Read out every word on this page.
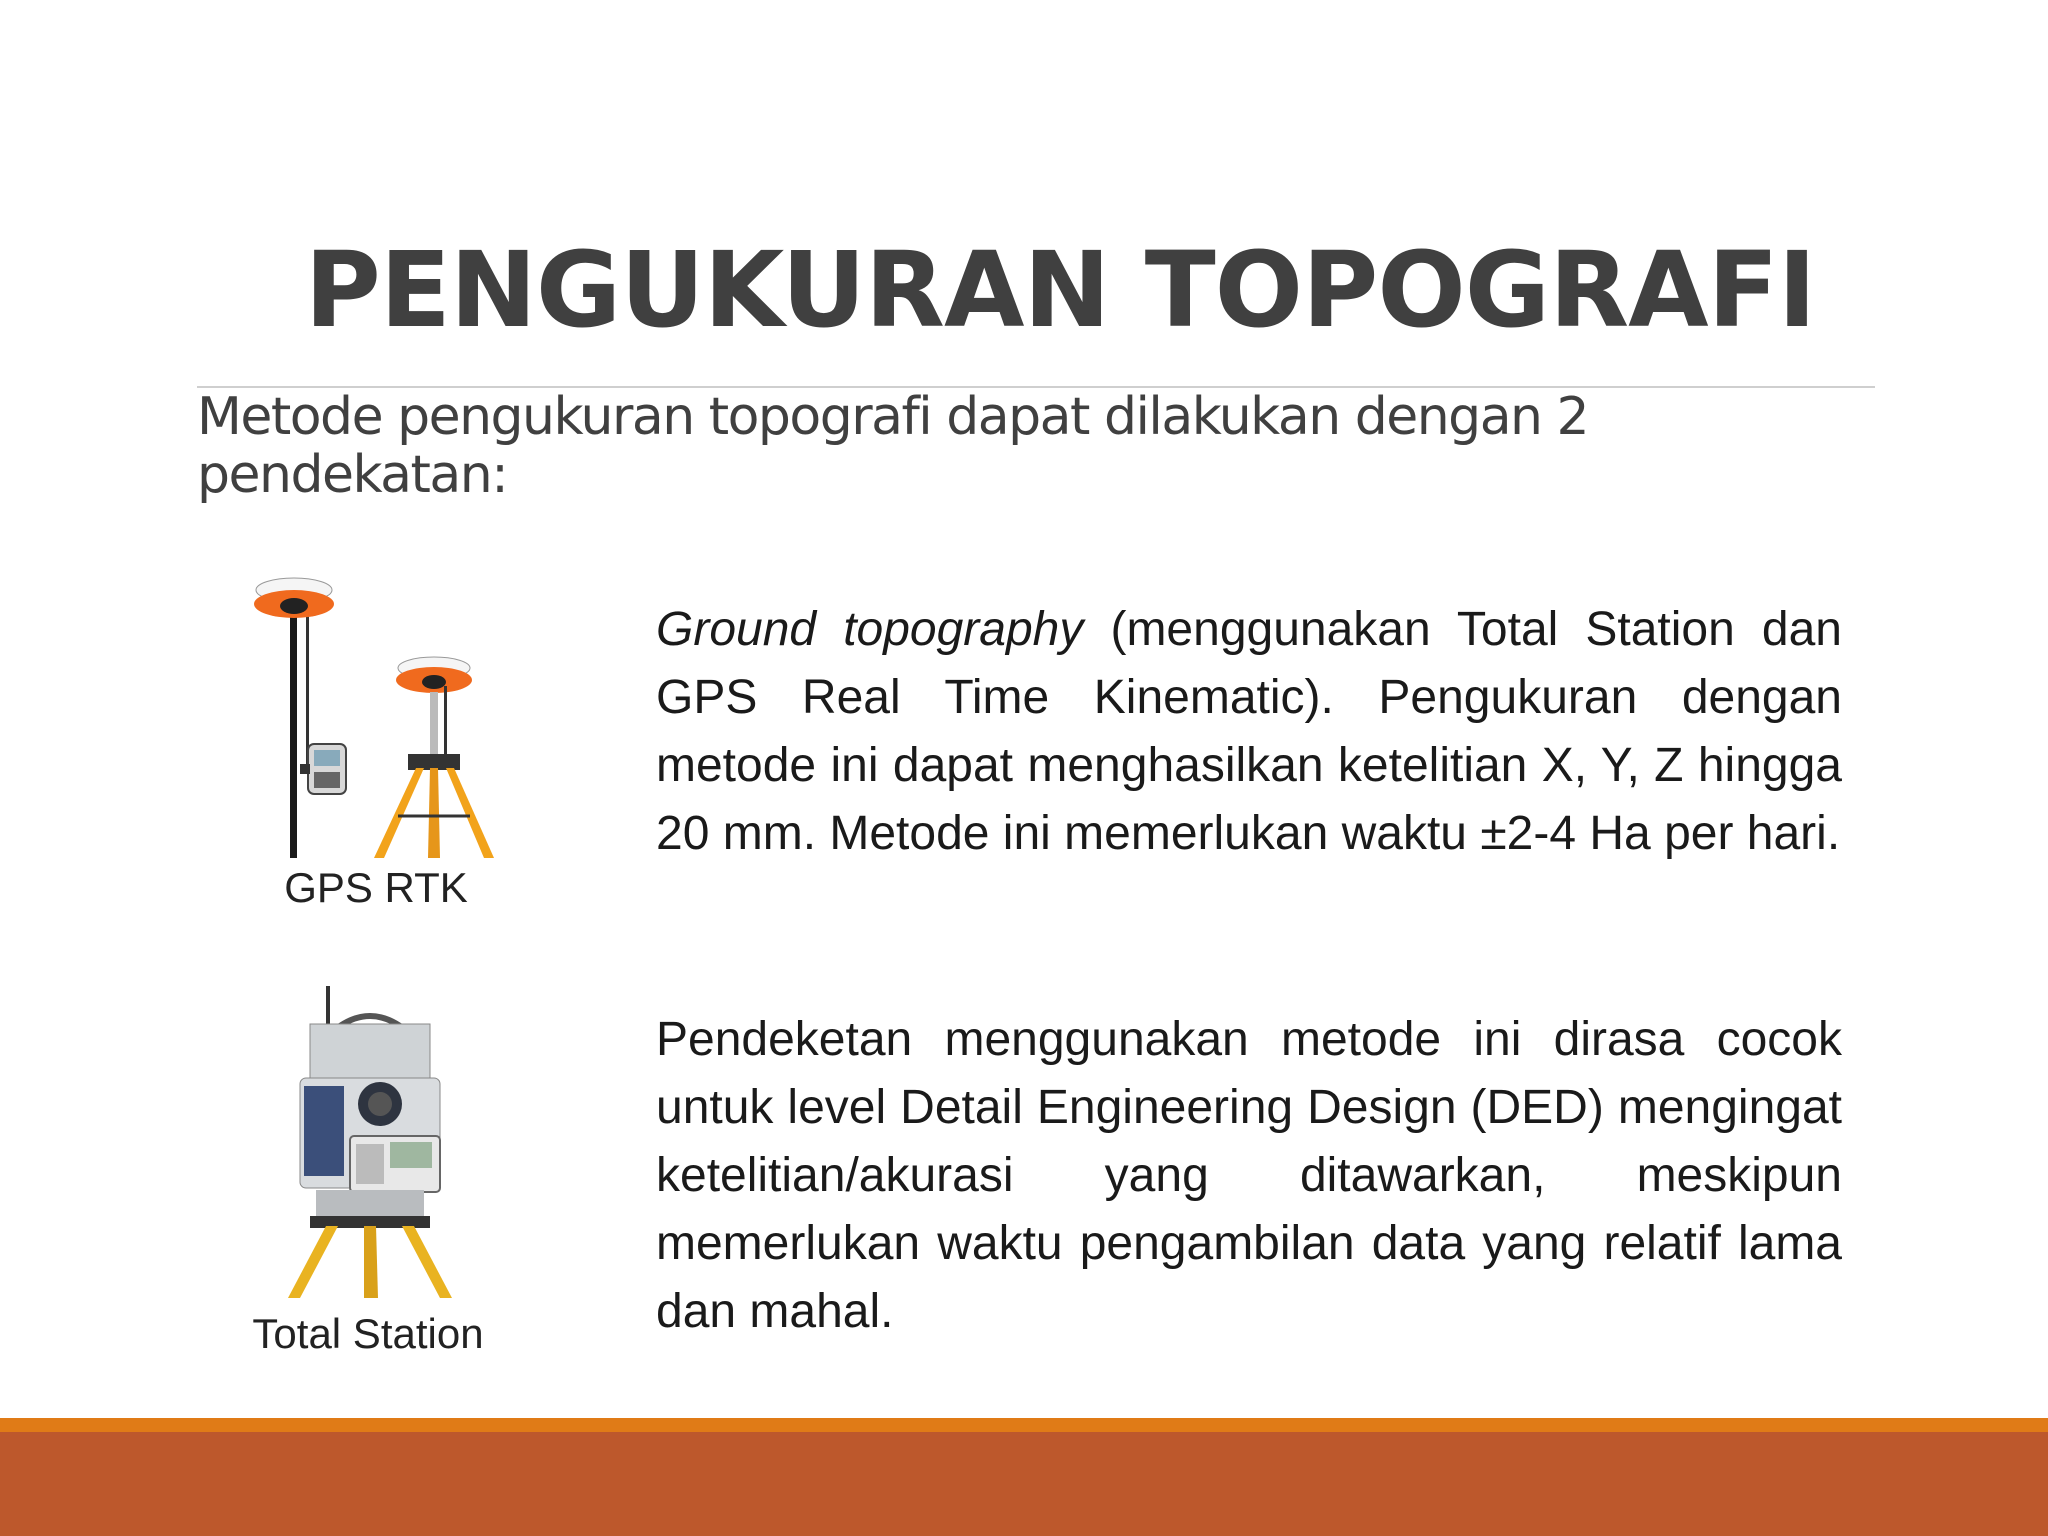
PENGUKURAN TOPOGRAFI
Metode pengukuran topografi dapat dilakukan dengan 2 pendekatan:
GPS RTK
Total Station
Ground topography (menggunakan Total Station dan GPS Real Time Kinematic). Pengukuran dengan metode ini dapat menghasilkan ketelitian X, Y, Z hingga 20 mm. Metode ini memerlukan waktu ±2-4 Ha per hari.
Pendeketan menggunakan metode ini dirasa cocok untuk level Detail Engineering Design (DED) mengingat ketelitian/akurasi yang ditawarkan, meskipun memerlukan waktu pengambilan data yang relatif lama dan mahal.
